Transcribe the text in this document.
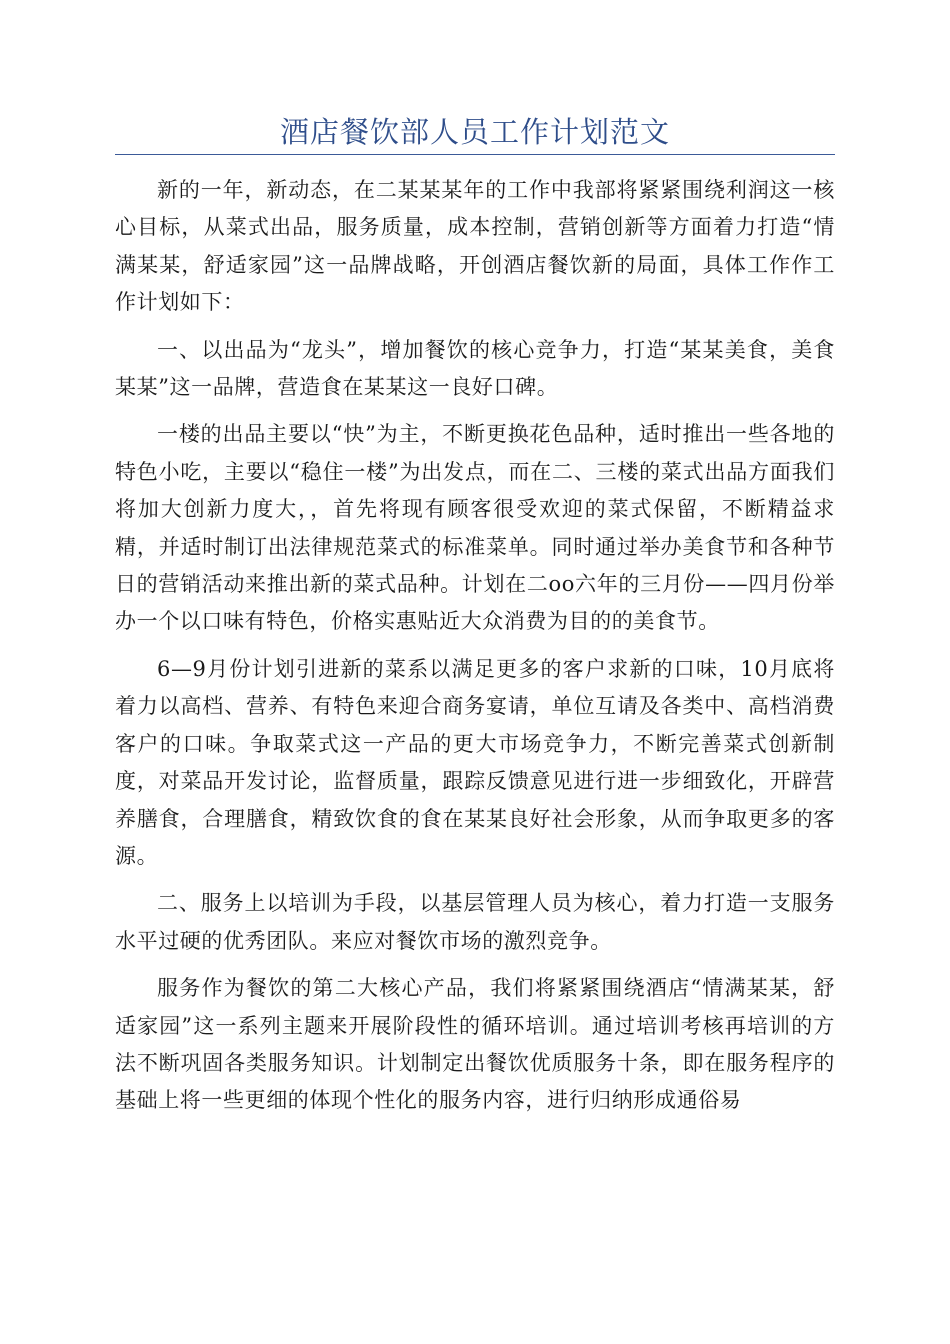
酒店餐饮部人员工作计划范文

新的一年，新动态，在二某某某年的工作中我部将紧紧围绕利润这一核心目标，从菜式出品，服务质量，成本控制，营销创新等方面着力打造“情满某某，舒适家园”这一品牌战略，开创酒店餐饮新的局面，具体工作作工作计划如下：

一、以出品为“龙头”，增加餐饮的核心竞争力，打造“某某美食，美食某某”这一品牌，营造食在某某这一良好口碑。

一楼的出品主要以“快”为主，不断更换花色品种，适时推出一些各地的特色小吃，主要以“稳住一楼”为出发点，而在二、三楼的菜式出品方面我们将加大创新力度大，，首先将现有顾客很受欢迎的菜式保留，不断精益求精，并适时制订出法律规范菜式的标准菜单。同时通过举办美食节和各种节日的营销活动来推出新的菜式品种。计划在二oo六年的三月份——四月份举办一个以口味有特色，价格实惠贴近大众消费为目的的美食节。

6—9月份计划引进新的菜系以满足更多的客户求新的口味，10月底将着力以高档、营养、有特色来迎合商务宴请，单位互请及各类中、高档消费客户的口味。争取菜式这一产品的更大市场竞争力，不断完善菜式创新制度，对菜品开发讨论，监督质量，跟踪反馈意见进行进一步细致化，开辟营养膳食，合理膳食，精致饮食的食在某某良好社会形象，从而争取更多的客源。

二、服务上以培训为手段，以基层管理人员为核心，着力打造一支服务水平过硬的优秀团队。来应对餐饮市场的激烈竞争。

服务作为餐饮的第二大核心产品，我们将紧紧围绕酒店“情满某某，舒适家园”这一系列主题来开展阶段性的循环培训。通过培训考核再培训的方法不断巩固各类服务知识。计划制定出餐饮优质服务十条，即在服务程序的基础上将一些更细的体现个性化的服务内容，进行归纳形成通俗易
